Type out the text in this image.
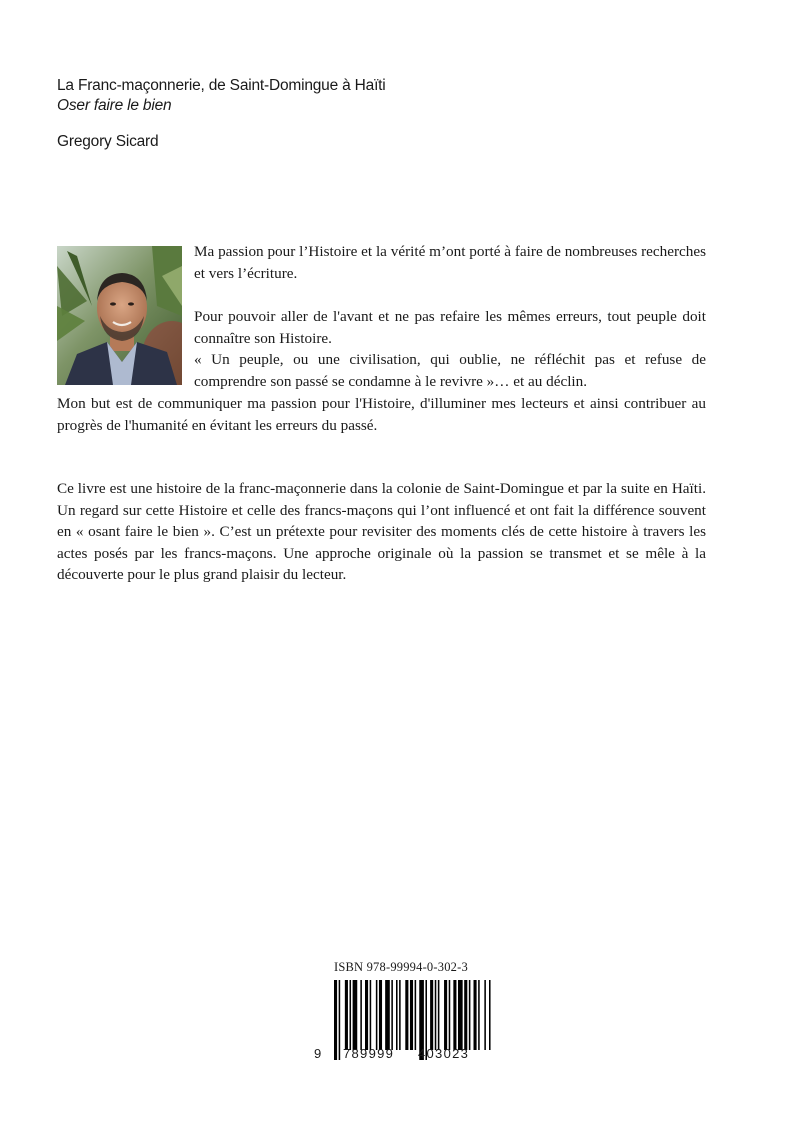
La Franc-maçonnerie, de Saint-Domingue à Haïti
Oser faire le bien
Gregory Sicard

Ma passion pour l’Histoire et la vérité m’ont porté à faire de nombreuses recherches et vers l’écriture.

Pour pouvoir aller de l'avant et ne pas refaire les mêmes erreurs, tout peuple doit connaître son Histoire.

« Un peuple, ou une civilisation, qui oublie, ne réfléchit pas et refuse de comprendre son passé se condamne à le revivre »… et au déclin.

Mon but est de communiquer ma passion pour l'Histoire, d'illuminer mes lecteurs et ainsi contribuer au progrès de l'humanité en évitant les erreurs du passé.

Ce livre est une histoire de la franc-maçonnerie dans la colonie de Saint-Domingue et par la suite en Haïti. Un regard sur cette Histoire et celle des francs-maçons qui l’ont influencé et ont fait la différence souvent en « osant faire le bien ». C’est un prétexte pour revisiter des moments clés de cette histoire à travers les actes posés par les francs-maçons. Une approche originale où la passion se transmet et se mêle à la découverte pour le plus grand plaisir du lecteur.

ISBN 978-99994-0-302-3
9 789999 403023
